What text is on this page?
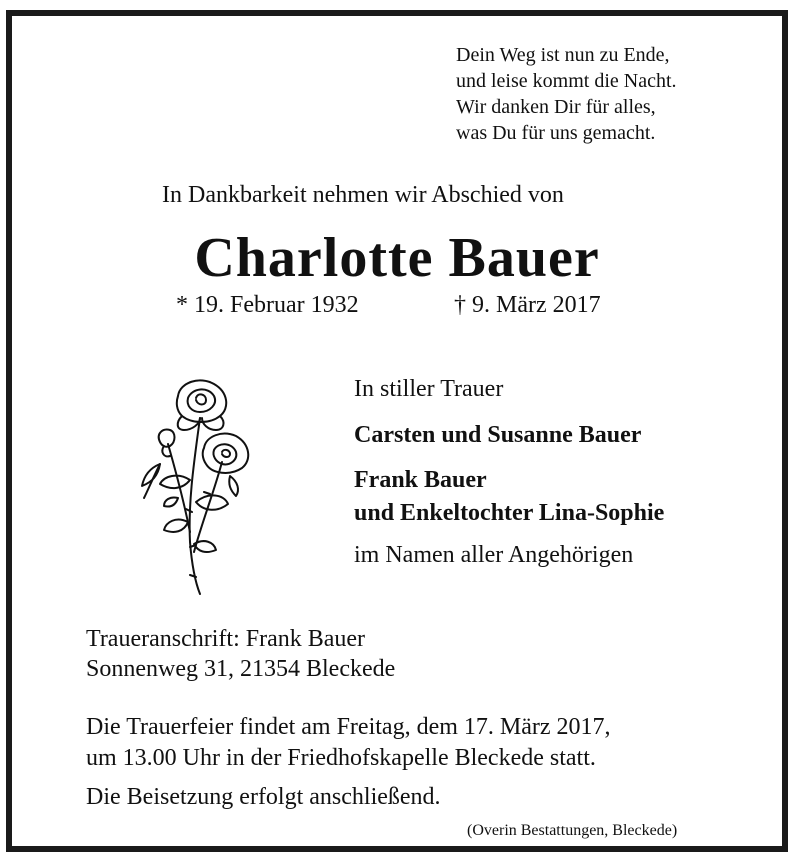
Dein Weg ist nun zu Ende,
und leise kommt die Nacht.
Wir danken Dir für alles,
was Du für uns gemacht.
In Dankbarkeit nehmen wir Abschied von
Charlotte Bauer
* 19. Februar 1932	† 9. März 2017
In stiller Trauer
Carsten und Susanne Bauer
Frank Bauer
und Enkeltochter Lina-Sophie
im Namen aller Angehörigen
Traueranschrift: Frank Bauer
Sonnenweg 31, 21354 Bleckede
Die Trauerfeier findet am Freitag, dem 17. März 2017,
um 13.00 Uhr in der Friedhofskapelle Bleckede statt.
Die Beisetzung erfolgt anschließend.
(Overin Bestattungen, Bleckede)
